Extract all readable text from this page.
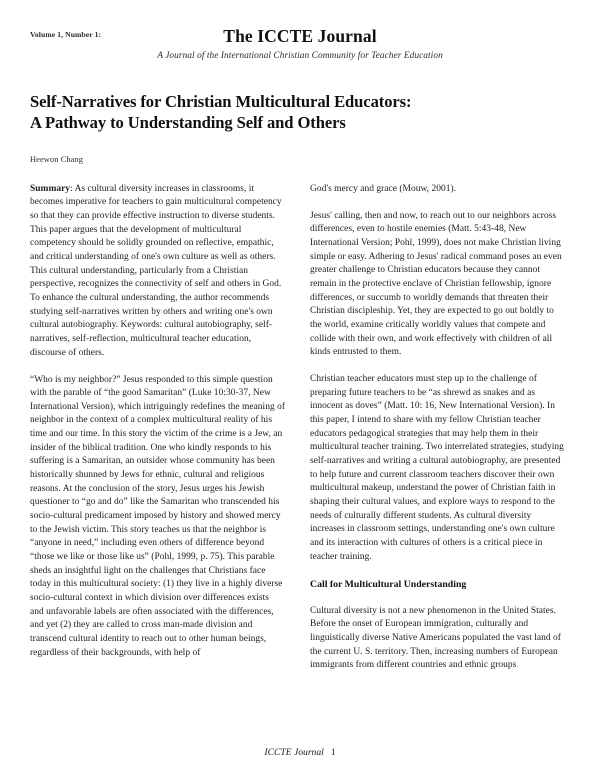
Volume 1, Number 1:	The ICCTE Journal
A Journal of the International Christian Community for Teacher Education
Self-Narratives for Christian Multicultural Educators:
A Pathway to Understanding Self and Others
Heewon Chang

Summary: As cultural diversity increases in classrooms, it becomes imperative for teachers to gain multicultural competency so that they can provide effective instruction to diverse students. This paper argues that the development of multicultural competency should be solidly grounded on reflective, empathic, and critical understanding of one's own culture as well as others. This cultural understanding, particularly from a Christian perspective, recognizes the connectivity of self and others in God. To enhance the cultural understanding, the author recommends studying self-narratives written by others and writing one's own cultural autobiography. Keywords: cultural autobiography, self-narratives, self-reflection, multicultural teacher education, discourse of others.

“Who is my neighbor?” Jesus responded to this simple question with the parable of “the good Samaritan” (Luke 10:30-37, New International Version), which intriguingly redefines the meaning of neighbor in the context of a complex multicultural reality of his time and our time. In this story the victim of the crime is a Jew, an insider of the biblical tradition. One who kindly responds to his suffering is a Samaritan, an outsider whose community has been historically shunned by Jews for ethnic, cultural and religious reasons. At the conclusion of the story, Jesus urges his Jewish questioner to “go and do” like the Samaritan who transcended his socio-cultural predicament imposed by history and showed mercy to the Jewish victim. This story teaches us that the neighbor is “anyone in need,” including even others of difference beyond “those we like or those like us” (Pohl, 1999, p. 75). This parable sheds an insightful light on the challenges that Christians face today in this multicultural society: (1) they live in a highly diverse socio-cultural context in which division over differences exists and unfavorable labels are often associated with the differences, and yet (2) they are called to cross man-made division and transcend cultural identity to reach out to other human beings, regardless of their backgrounds, with help of

God's mercy and grace (Mouw, 2001).

Jesus' calling, then and now, to reach out to our neighbors across differences, even to hostile enemies (Matt. 5:43-48, New International Version; Pohl, 1999), does not make Christian living simple or easy. Adhering to Jesus' radical command poses an even greater challenge to Christian educators because they cannot remain in the protective enclave of Christian fellowship, ignore differences, or succumb to worldly demands that threaten their Christian discipleship. Yet, they are expected to go out boldly to the world, examine critically worldly values that compete and collide with their own, and work effectively with children of all kinds entrusted to them.

Christian teacher educators must step up to the challenge of preparing future teachers to be “as shrewd as snakes and as innocent as doves” (Matt. 10: 16, New International Version). In this paper, I intend to share with my fellow Christian teacher educators pedagogical strategies that may help them in their multicultural teacher training. Two interrelated strategies, studying self-narratives and writing a cultural autobiography, are presented to help future and current classroom teachers discover their own multicultural makeup, understand the power of Christian faith in shaping their cultural values, and explore ways to respond to the needs of culturally different students. As cultural diversity increases in classroom settings, understanding one's own culture and its interaction with cultures of others is a critical piece in teacher training.

Call for Multicultural Understanding

Cultural diversity is not a new phenomenon in the United States. Before the onset of European immigration, culturally and linguistically diverse Native Americans populated the vast land of the current U. S. territory. Then, increasing numbers of European immigrants from different countries and ethnic groups

ICCTE Journal 1
